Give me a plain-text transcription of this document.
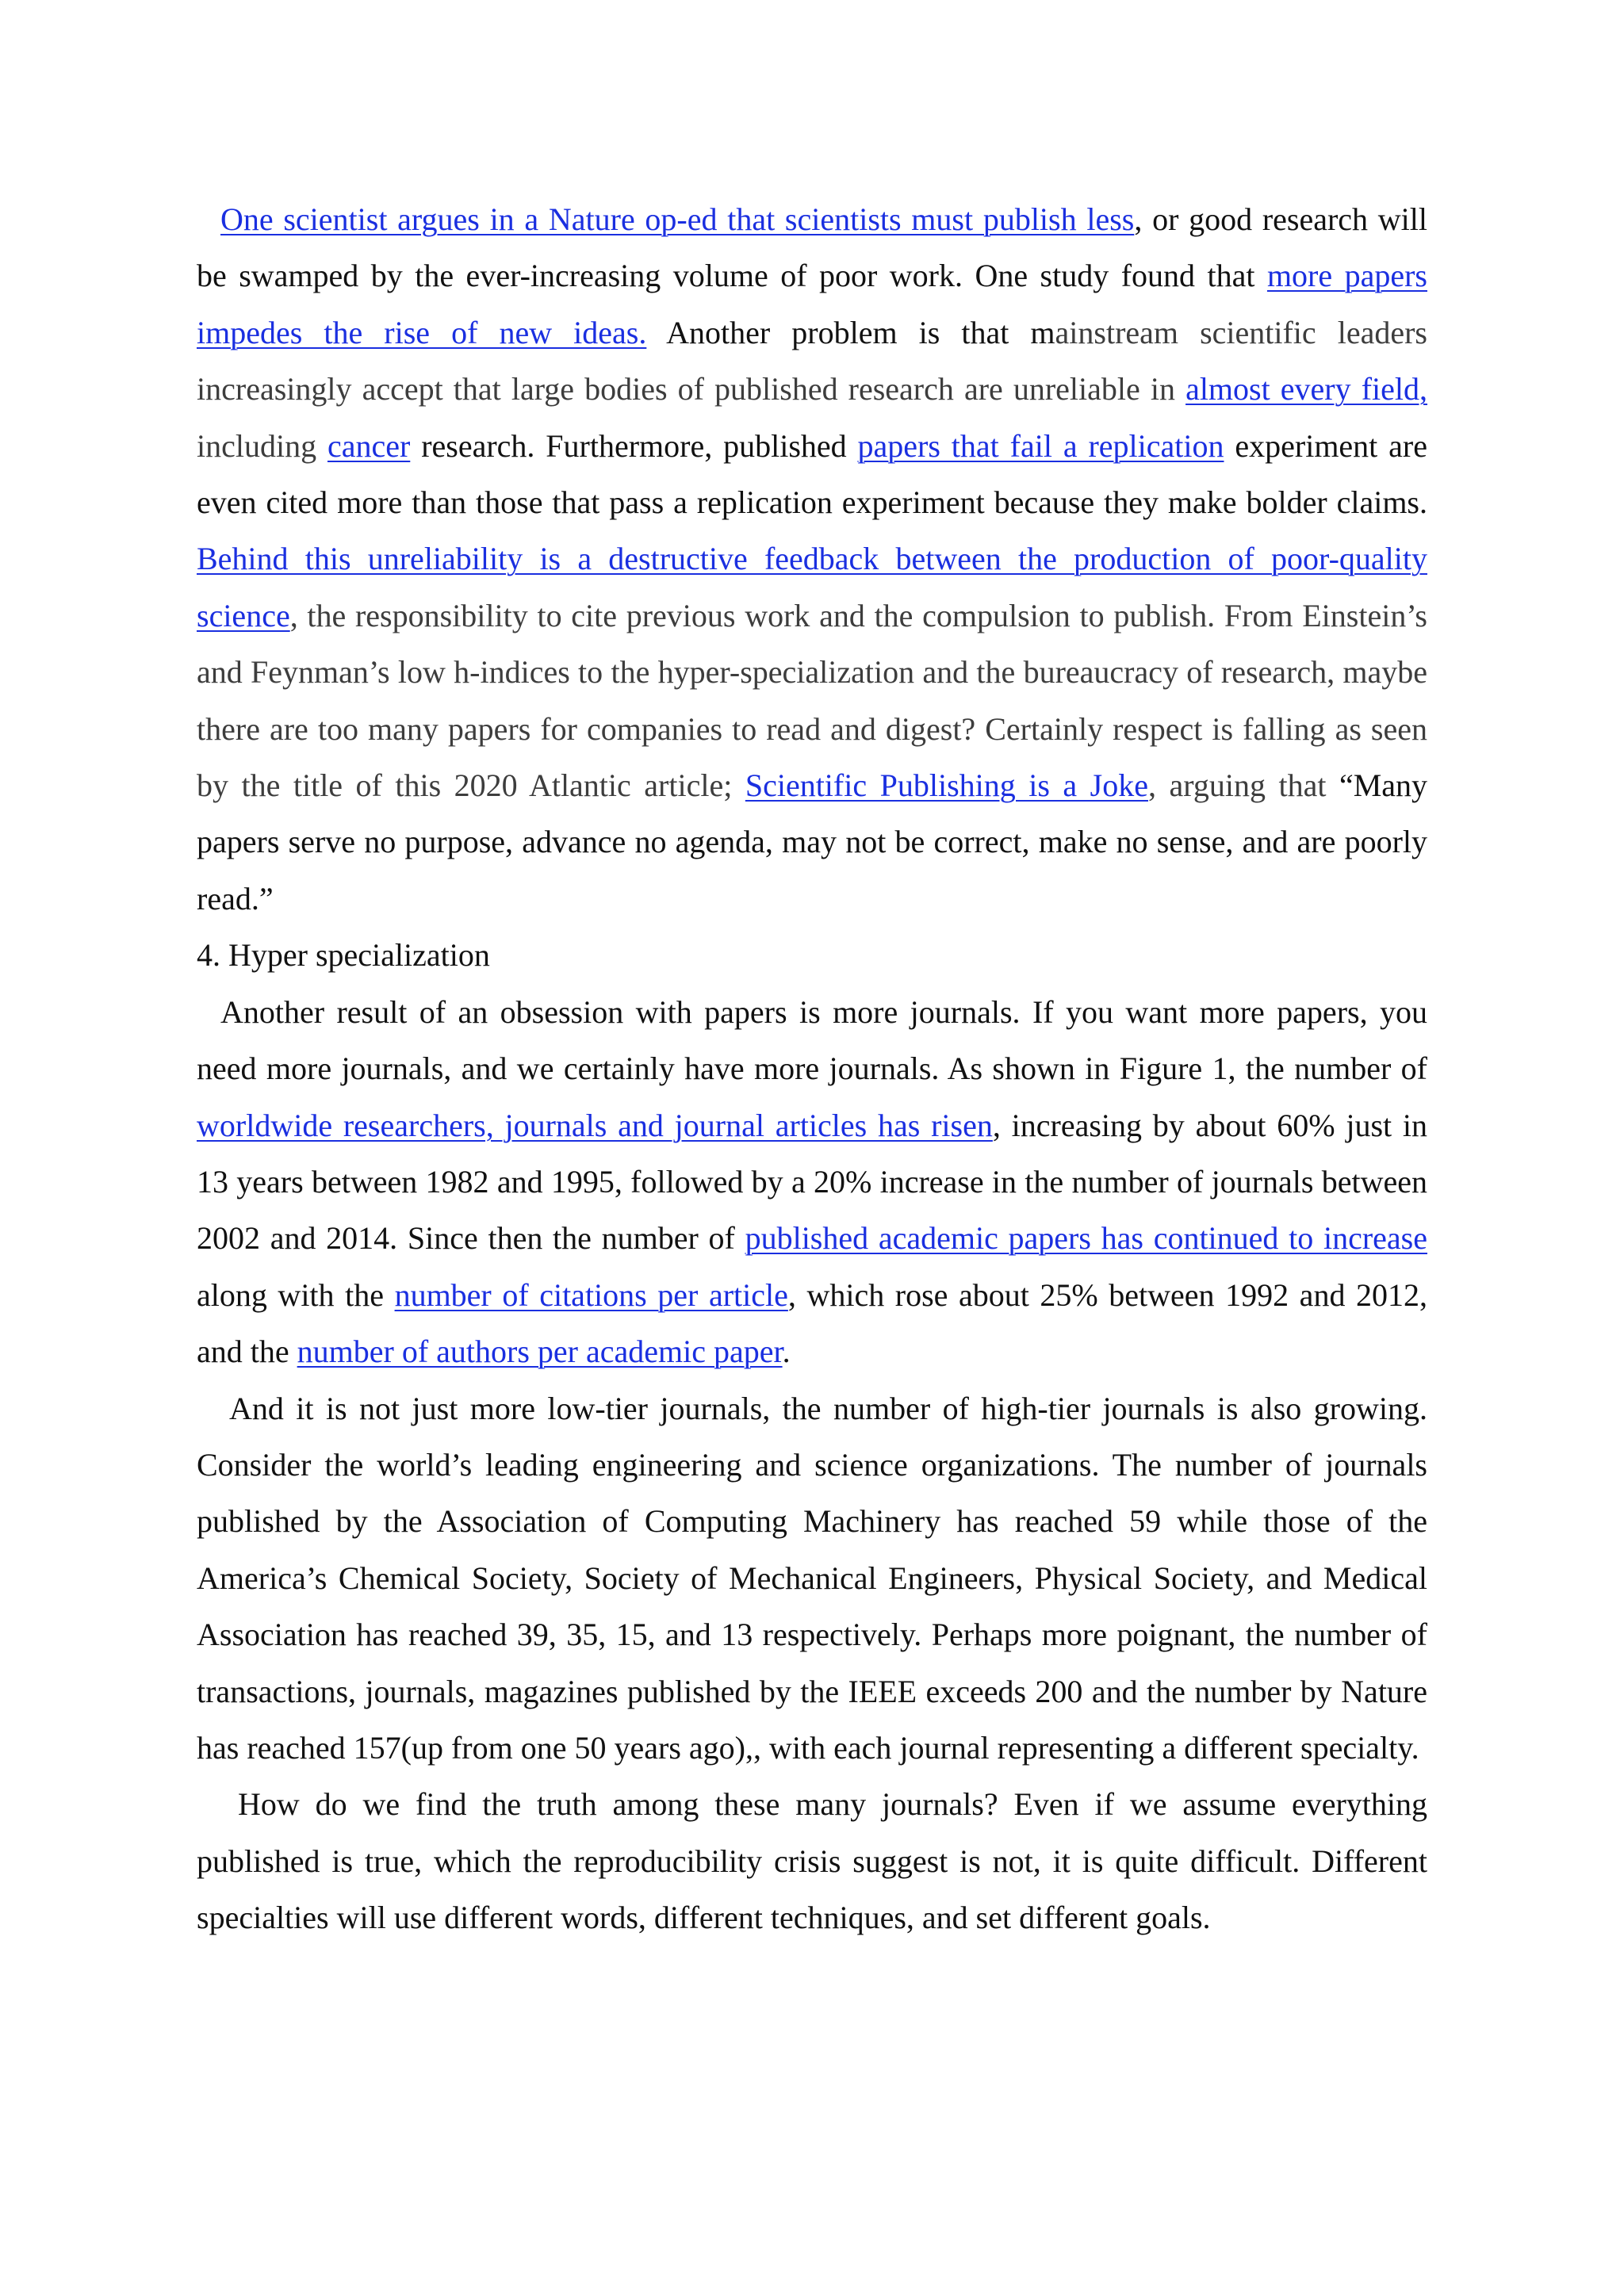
One scientist argues in a Nature op-ed that scientists must publish less, or good research will be swamped by the ever-increasing volume of poor work. One study found that more papers impedes the rise of new ideas. Another problem is that mainstream scientific leaders increasingly accept that large bodies of published research are unreliable in almost every field, including cancer research. Furthermore, published papers that fail a replication experiment are even cited more than those that pass a replication experiment because they make bolder claims. Behind this unreliability is a destructive feedback between the production of poor-quality science, the responsibility to cite previous work and the compulsion to publish. From Einstein’s and Feynman’s low h-indices to the hyper-specialization and the bureaucracy of research, maybe there are too many papers for companies to read and digest? Certainly respect is falling as seen by the title of this 2020 Atlantic article; Scientific Publishing is a Joke, arguing that “Many papers serve no purpose, advance no agenda, may not be correct, make no sense, and are poorly read.”

4. Hyper specialization

Another result of an obsession with papers is more journals. If you want more papers, you need more journals, and we certainly have more journals. As shown in Figure 1, the number of worldwide researchers, journals and journal articles has risen, increasing by about 60% just in 13 years between 1982 and 1995, followed by a 20% increase in the number of journals between 2002 and 2014. Since then the number of published academic papers has continued to increase along with the number of citations per article, which rose about 25% between 1992 and 2012, and the number of authors per academic paper.

And it is not just more low-tier journals, the number of high-tier journals is also growing. Consider the world’s leading engineering and science organizations. The number of journals published by the Association of Computing Machinery has reached 59 while those of the America’s Chemical Society, Society of Mechanical Engineers, Physical Society, and Medical Association has reached 39, 35, 15, and 13 respectively. Perhaps more poignant, the number of transactions, journals, magazines published by the IEEE exceeds 200 and the number by Nature has reached 157(up from one 50 years ago),, with each journal representing a different specialty.

How do we find the truth among these many journals? Even if we assume everything published is true, which the reproducibility crisis suggest is not, it is quite difficult. Different specialties will use different words, different techniques, and set different goals.
